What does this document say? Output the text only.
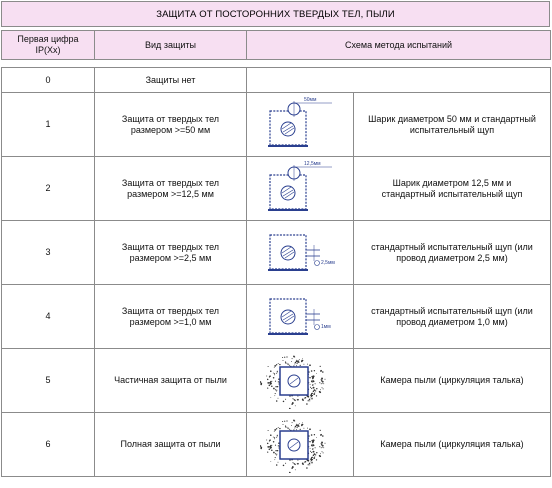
ЗАЩИТА ОТ ПОСТОРОННИХ ТВЕРДЫХ ТЕЛ, ПЫЛИ
Первая цифра IP(Xx)	Вид защиты	Схема метода испытаний
0	Защиты нет		
1	Защита от твердых тел размером >=50 мм	50мм	Шарик диаметром 50 мм и стандартный испытательный щуп
2	Защита от твердых тел размером >=12,5 мм	12,5мм	Шарик диаметром 12,5 мм и стандартный испытательный щуп
3	Защита от твердых тел размером >=2,5 мм	2,5мм	стандартный испытательный щуп (или провод диаметром 2,5 мм)
4	Защита от твердых тел размером >=1,0 мм	1мм	стандартный испытательный щуп (или провод диаметром 1,0 мм)
5	Частичная защита от пыли		Камера пыли (циркуляция талька)
6	Полная защита от пыли		Камера пыли (циркуляция талька)
